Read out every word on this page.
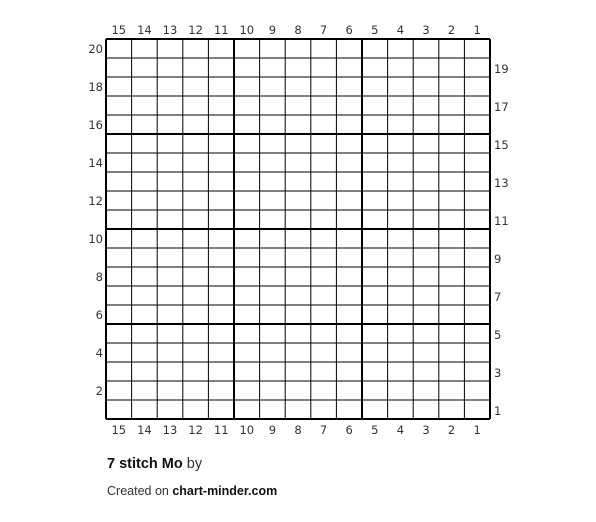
15 14 13 12 11 10 9 8 7 6 5 4 3 2 1
15 14 13 12 11 10 9 8 7 6 5 4 3 2 1
20
18
16
14
12
10
8
6
4
2
19
17
15
13
11
9
7
5
3
1
7 stitch Mo by
Created on chart-minder.com
